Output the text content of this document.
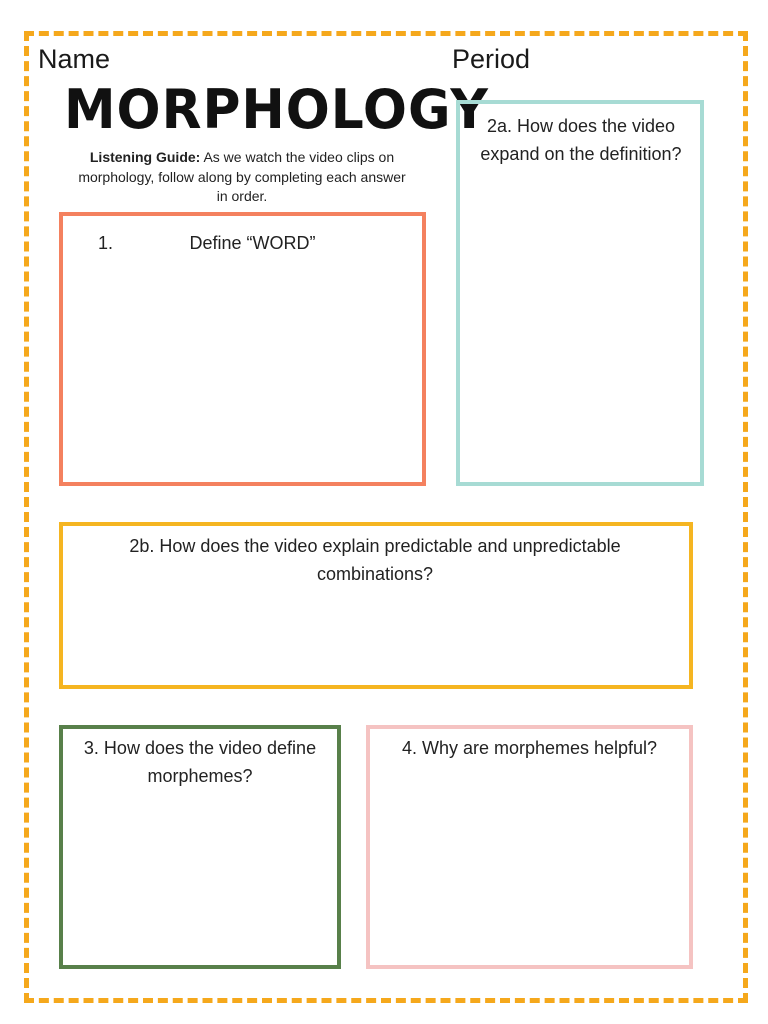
Name	Period
MORPHOLOGY
Listening Guide: As we watch the video clips on morphology, follow along by completing each answer in order.
1.	Define “WORD”
2a. How does the video expand on the definition?
2b. How does the video explain predictable and unpredictable combinations?
3. How does the video define morphemes?
4. Why are morphemes helpful?
